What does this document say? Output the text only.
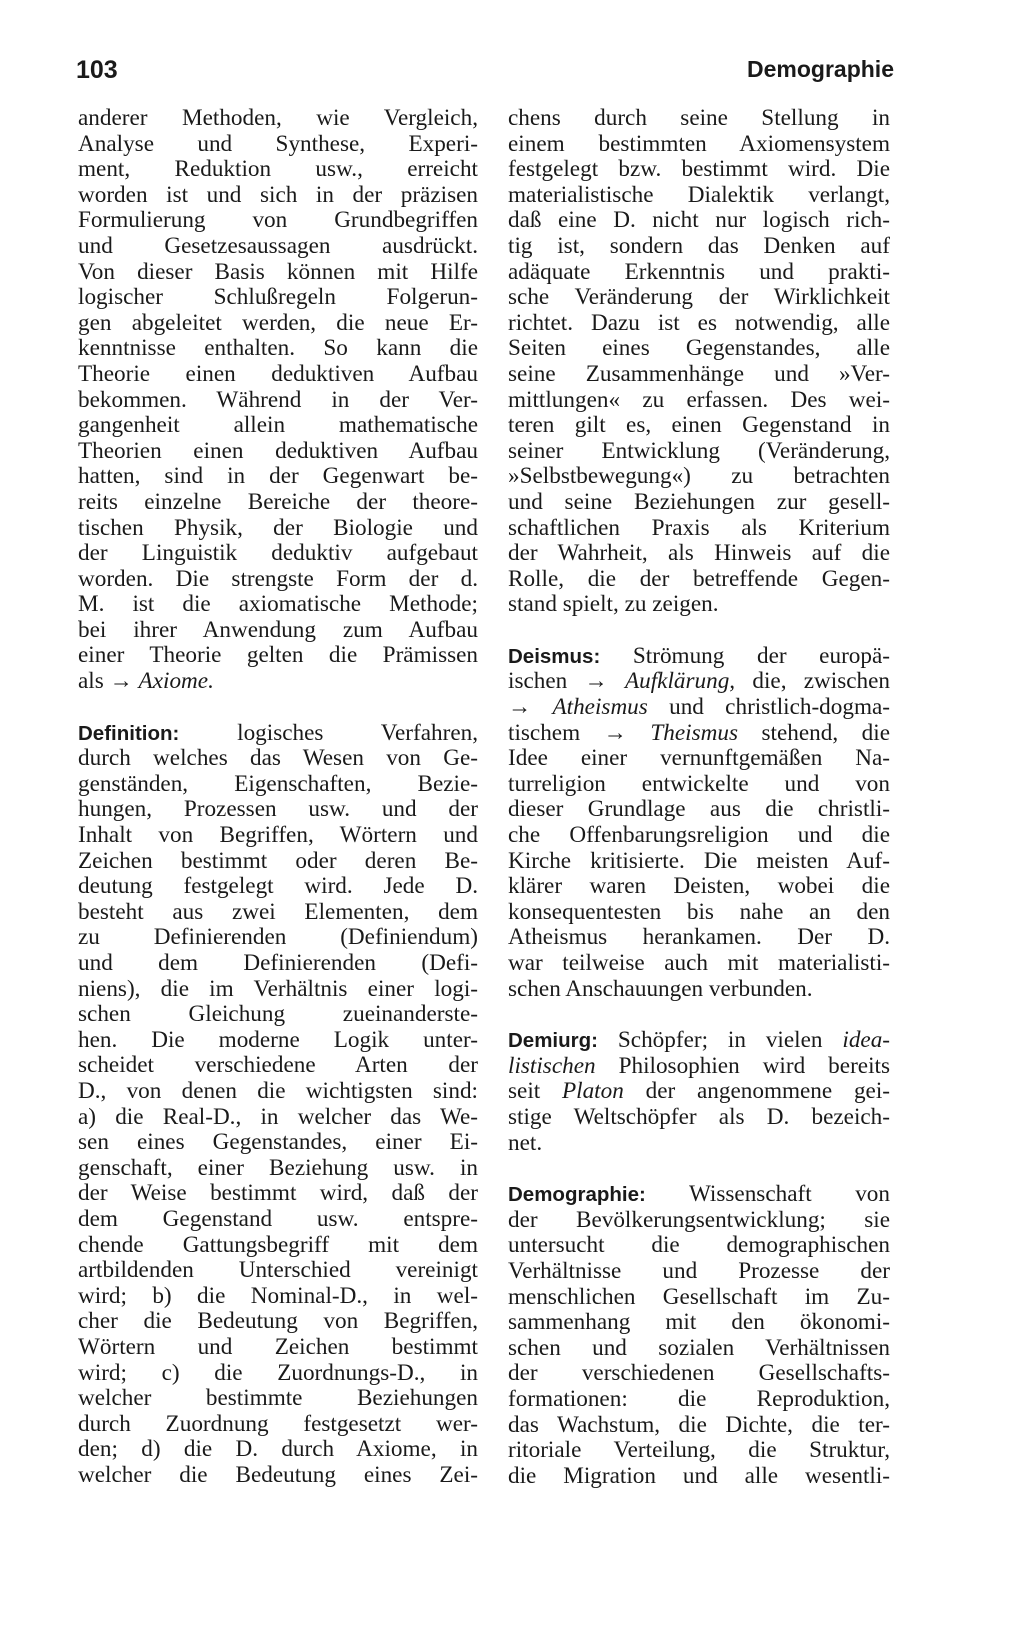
103	Demographie

anderer Methoden, wie Vergleich,
Analyse und Synthese, Experi-
ment, Reduktion usw., erreicht
worden ist und sich in der präzisen
Formulierung von Grundbegriffen
und Gesetzesaussagen ausdrückt.
Von dieser Basis können mit Hilfe
logischer Schlußregeln Folgerun-
gen abgeleitet werden, die neue Er-
kenntnisse enthalten. So kann die
Theorie einen deduktiven Aufbau
bekommen. Während in der Ver-
gangenheit allein mathematische
Theorien einen deduktiven Aufbau
hatten, sind in der Gegenwart be-
reits einzelne Bereiche der theore-
tischen Physik, der Biologie und
der Linguistik deduktiv aufgebaut
worden. Die strengste Form der d.
M. ist die axiomatische Methode;
bei ihrer Anwendung zum Aufbau
einer Theorie gelten die Prämissen
als → Axiome.

Definition: logisches Verfahren,
durch welches das Wesen von Ge-
genständen, Eigenschaften, Bezie-
hungen, Prozessen usw. und der
Inhalt von Begriffen, Wörtern und
Zeichen bestimmt oder deren Be-
deutung festgelegt wird. Jede D.
besteht aus zwei Elementen, dem
zu Definierenden (Definiendum)
und dem Definierenden (Defi-
niens), die im Verhältnis einer logi-
schen Gleichung zueinanderste-
hen. Die moderne Logik unter-
scheidet verschiedene Arten der
D., von denen die wichtigsten sind:
a) die Real-D., in welcher das We-
sen eines Gegenstandes, einer Ei-
genschaft, einer Beziehung usw. in
der Weise bestimmt wird, daß der
dem Gegenstand usw. entspre-
chende Gattungsbegriff mit dem
artbildenden Unterschied vereinigt
wird; b) die Nominal-D., in wel-
cher die Bedeutung von Begriffen,
Wörtern und Zeichen bestimmt
wird; c) die Zuordnungs-D., in
welcher bestimmte Beziehungen
durch Zuordnung festgesetzt wer-
den; d) die D. durch Axiome, in
welcher die Bedeutung eines Zei-

chens durch seine Stellung in
einem bestimmten Axiomensystem
festgelegt bzw. bestimmt wird. Die
materialistische Dialektik verlangt,
daß eine D. nicht nur logisch rich-
tig ist, sondern das Denken auf
adäquate Erkenntnis und prakti-
sche Veränderung der Wirklichkeit
richtet. Dazu ist es notwendig, alle
Seiten eines Gegenstandes, alle
seine Zusammenhänge und »Ver-
mittlungen« zu erfassen. Des wei-
teren gilt es, einen Gegenstand in
seiner Entwicklung (Veränderung,
»Selbstbewegung«) zu betrachten
und seine Beziehungen zur gesell-
schaftlichen Praxis als Kriterium
der Wahrheit, als Hinweis auf die
Rolle, die der betreffende Gegen-
stand spielt, zu zeigen.

Deismus: Strömung der europä-
ischen → Aufklärung, die, zwischen
→ Atheismus und christlich-dogma-
tischem → Theismus stehend, die
Idee einer vernunftgemäßen Na-
turreligion entwickelte und von
dieser Grundlage aus die christli-
che Offenbarungsreligion und die
Kirche kritisierte. Die meisten Auf-
klärer waren Deisten, wobei die
konsequentesten bis nahe an den
Atheismus herankamen. Der D.
war teilweise auch mit materialisti-
schen Anschauungen verbunden.

Demiurg: Schöpfer; in vielen idea-
listischen Philosophien wird bereits
seit Platon der angenommene gei-
stige Weltschöpfer als D. bezeich-
net.

Demographie: Wissenschaft von
der Bevölkerungsentwicklung; sie
untersucht die demographischen
Verhältnisse und Prozesse der
menschlichen Gesellschaft im Zu-
sammenhang mit den ökonomi-
schen und sozialen Verhältnissen
der verschiedenen Gesellschafts-
formationen: die Reproduktion,
das Wachstum, die Dichte, die ter-
ritoriale Verteilung, die Struktur,
die Migration und alle wesentli-
